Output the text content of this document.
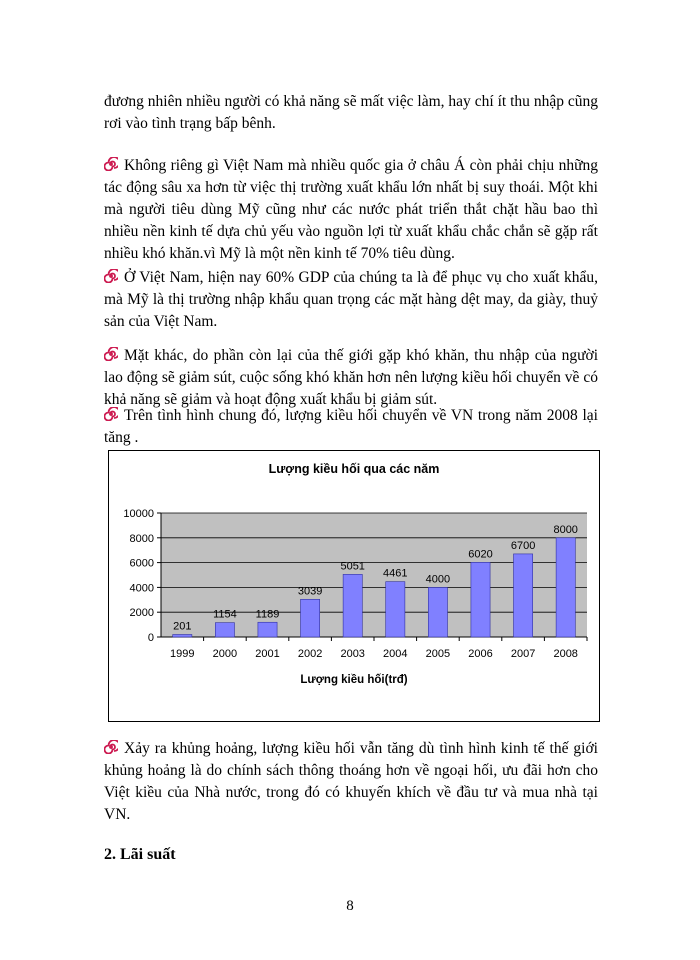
đương nhiên nhiều người có khả năng sẽ mất việc làm, hay chí ít thu nhập cũng rơi vào tình trạng bấp bênh.
Không riêng gì Việt Nam mà nhiều quốc gia ở châu Á còn phải chịu những tác động sâu xa hơn từ việc thị trường xuất khẩu lớn nhất bị suy thoái. Một khi mà người tiêu dùng Mỹ cũng như các nước phát triển thắt chặt hầu bao thì nhiều nền kinh tế dựa chủ yếu vào nguồn lợi từ xuất khẩu chắc chắn sẽ gặp rất nhiều khó khăn.vì Mỹ là một nền kinh tế 70% tiêu dùng.
Ở Việt Nam, hiện nay 60% GDP của chúng ta là để phục vụ cho xuất khẩu, mà Mỹ là thị trường nhập khẩu quan trọng các mặt hàng dệt may, da giày, thuỷ sản của Việt Nam.
Mặt khác, do phần còn lại của thế giới gặp khó khăn, thu nhập của người lao động sẽ giảm sút, cuộc sống khó khăn hơn nên lượng kiều hối chuyển về có khả năng sẽ giảm và hoạt động xuất khẩu bị giảm sút.
Trên tình hình chung đó, lượng kiều hối chuyển về VN trong năm 2008 lại tăng .
Lượng kiều hối qua các năm
0
2000
4000
6000
8000
10000
201
1999
1154
2000
1189
2001
3039
2002
5051
2003
4461
2004
4000
2005
6020
2006
6700
2007
8000
2008
Lượng kiều hối(trđ)
Xảy ra khủng hoảng, lượng kiều hối vẫn tăng dù tình hình kinh tế thế giới khủng hoảng là do chính sách thông thoáng hơn về ngoại hối, ưu đãi hơn cho Việt kiều của Nhà nước, trong đó có khuyến khích về đầu tư và mua nhà tại VN.
2. Lãi suất
8
